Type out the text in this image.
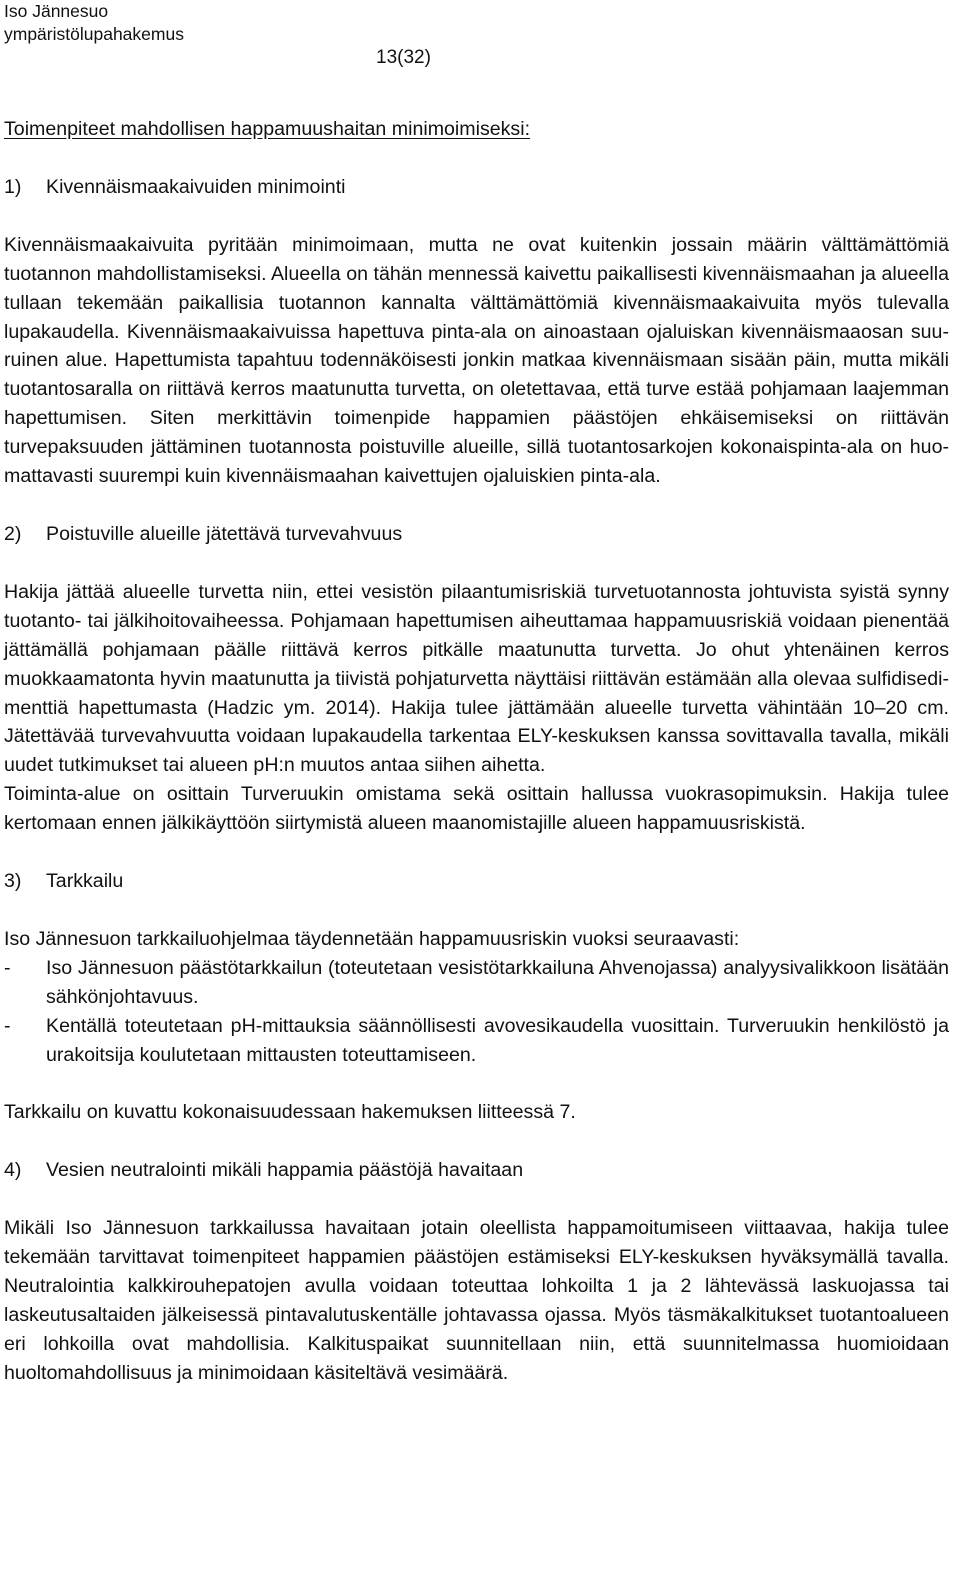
Iso Jännesuo
ympäristölupahakemus
13(32)

Toimenpiteet mahdollisen happamuushaitan minimoimiseksi:

1)	Kivennäismaakaivuiden minimointi

Kivennäismaakaivuita pyritään minimoimaan, mutta ne ovat kuitenkin jossain määrin välttämättömiä tuotannon mahdollistamiseksi. Alueella on tähän mennessä kaivettu paikallisesti kivennäismaahan ja alueella tullaan tekemään paikallisia tuotannon kannalta välttämättömiä kivennäismaakaivuita myös tulevalla lupakaudella. Kivennäismaakaivuissa hapettuva pinta-ala on ainoastaan ojaluiskan kivennäismaaosan suuruinen alue. Hapettumista tapahtuu todennäköisesti jonkin matkaa kivennäismaan sisään päin, mutta mikäli tuotantosaralla on riittävä kerros maatunutta turvetta, on oletettavaa, että turve estää pohjamaan laajemman hapettumisen. Siten merkittävin toimenpide happamien päästöjen ehkäisemiseksi on riittävän turvepaksuuden jättäminen tuotannosta poistuville alueille, sillä tuotantosarkojen kokonaispinta-ala on huomattavasti suurempi kuin kivennäismaahan kaivettujen ojaluiskien pinta-ala.

2)	Poistuville alueille jätettävä turvevahvuus

Hakija jättää alueelle turvetta niin, ettei vesistön pilaantumisriskiä turvetuotannosta johtuvista syistä synny tuotanto- tai jälkihoitovaiheessa. Pohjamaan hapettumisen aiheuttamaa happamuusriskiä voidaan pienentää jättämällä pohjamaan päälle riittävä kerros pitkälle maatunutta turvetta. Jo ohut yhtenäinen kerros muokkaamatonta hyvin maatunutta ja tiivistä pohjaturvetta näyttäisi riittävän estämään alla olevaa sulfidisedimenttiä hapettumasta (Hadzic ym. 2014). Hakija tulee jättämään alueelle turvetta vähintään 10–20 cm. Jätettävää turvevahvuutta voidaan lupakaudella tarkentaa ELY-keskuksen kanssa sovittavalla tavalla, mikäli uudet tutkimukset tai alueen pH:n muutos antaa siihen aihetta.

Toiminta-alue on osittain Turveruukin omistama sekä osittain hallussa vuokrasopimuksin. Hakija tulee kertomaan ennen jälkikäyttöön siirtymistä alueen maanomistajille alueen happamuusriskistä.

3)	Tarkkailu

Iso Jännesuon tarkkailuohjelmaa täydennetään happamuusriskin vuoksi seuraavasti:

- Iso Jännesuon päästötarkkailun (toteutetaan vesistötarkkailuna Ahvenojassa) analyysivalikkoon lisätään sähkönjohtavuus.
- Kentällä toteutetaan pH-mittauksia säännöllisesti avovesikaudella vuosittain. Turveruukin henkilöstö ja urakoitsija koulutetaan mittausten toteuttamiseen.

Tarkkailu on kuvattu kokonaisuudessaan hakemuksen liitteessä 7.

4)	Vesien neutralointi mikäli happamia päästöjä havaitaan

Mikäli Iso Jännesuon tarkkailussa havaitaan jotain oleellista happamoitumiseen viittaavaa, hakija tulee tekemään tarvittavat toimenpiteet happamien päästöjen estämiseksi ELY-keskuksen hyväksymällä tavalla. Neutralointia kalkkirouhepatojen avulla voidaan toteuttaa lohkoilta 1 ja 2 lähtevässä laskuojassa tai laskeutusaltaiden jälkeisessä pintavalutuskentälle johtavassa ojassa. Myös täsmäkalkitukset tuotantoalueen eri lohkoilla ovat mahdollisia. Kalkituspaikat suunnitellaan niin, että suunnitelmassa huomioidaan huoltomahdollisuus ja minimoidaan käsiteltävä vesimäärä.
